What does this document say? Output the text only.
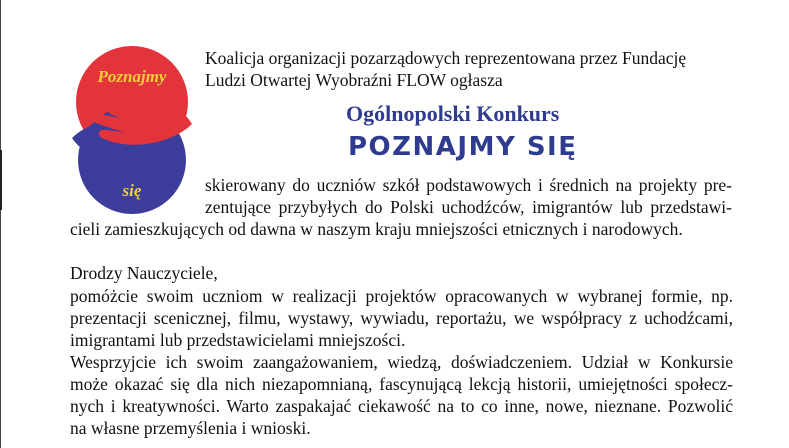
Poznajmy
się
Koalicja organizacji pozarządowych reprezentowana przez Fundację
Ludzi Otwartej Wyobraźni FLOW ogłasza
Ogólnopolski Konkurs
POZNAJMY SIĘ
skierowany do uczniów szkół podstawowych i średnich na projekty pre-
zentujące przybyłych do Polski uchodźców, imigrantów lub przedstawi-
cieli zamieszkujących od dawna w naszym kraju mniejszości etnicznych i narodowych.
Drodzy Nauczyciele,
pomóżcie swoim uczniom w realizacji projektów opracowanych w wybranej formie, np.
prezentacji scenicznej, filmu, wystawy, wywiadu, reportażu, we współpracy z uchodźcami,
imigrantami lub przedstawicielami mniejszości.
Wesprzyjcie ich swoim zaangażowaniem, wiedzą, doświadczeniem. Udział w Konkursie
może okazać się dla nich niezapomnianą, fascynującą lekcją historii, umiejętności społecz-
nych i kreatywności. Warto zaspakajać ciekawość na to co inne, nowe, nieznane. Pozwolić
na własne przemyślenia i wnioski.
